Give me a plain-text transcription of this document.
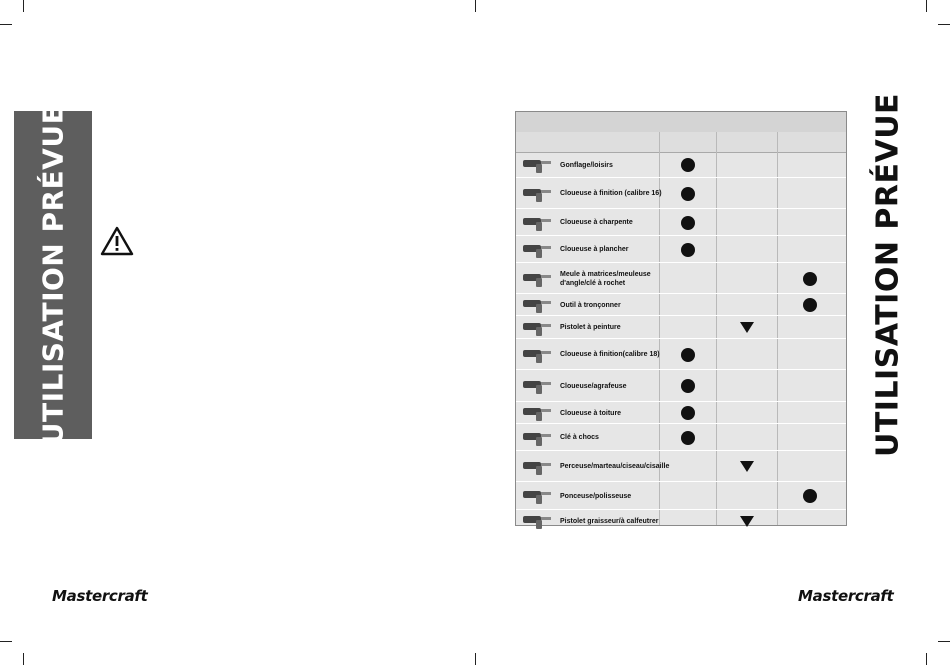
UTILISATION PRÉVUE
Mastercraft
UTILISATION PRÉVUE
Mastercraft
Gonflage/loisirs
Cloueuse à finition (calibre 16)
Cloueuse à charpente
Cloueuse à plancher
Meule à matrices/meuleuse d'angle/clé à rochet
Outil à tronçonner
Pistolet à peinture
Cloueuse à finition(calibre 18)
Cloueuse/agrafeuse
Cloueuse à toiture
Clé à chocs
Perceuse/marteau/ciseau/cisaille
Ponceuse/polisseuse
Pistolet graisseur/à calfeutrer
